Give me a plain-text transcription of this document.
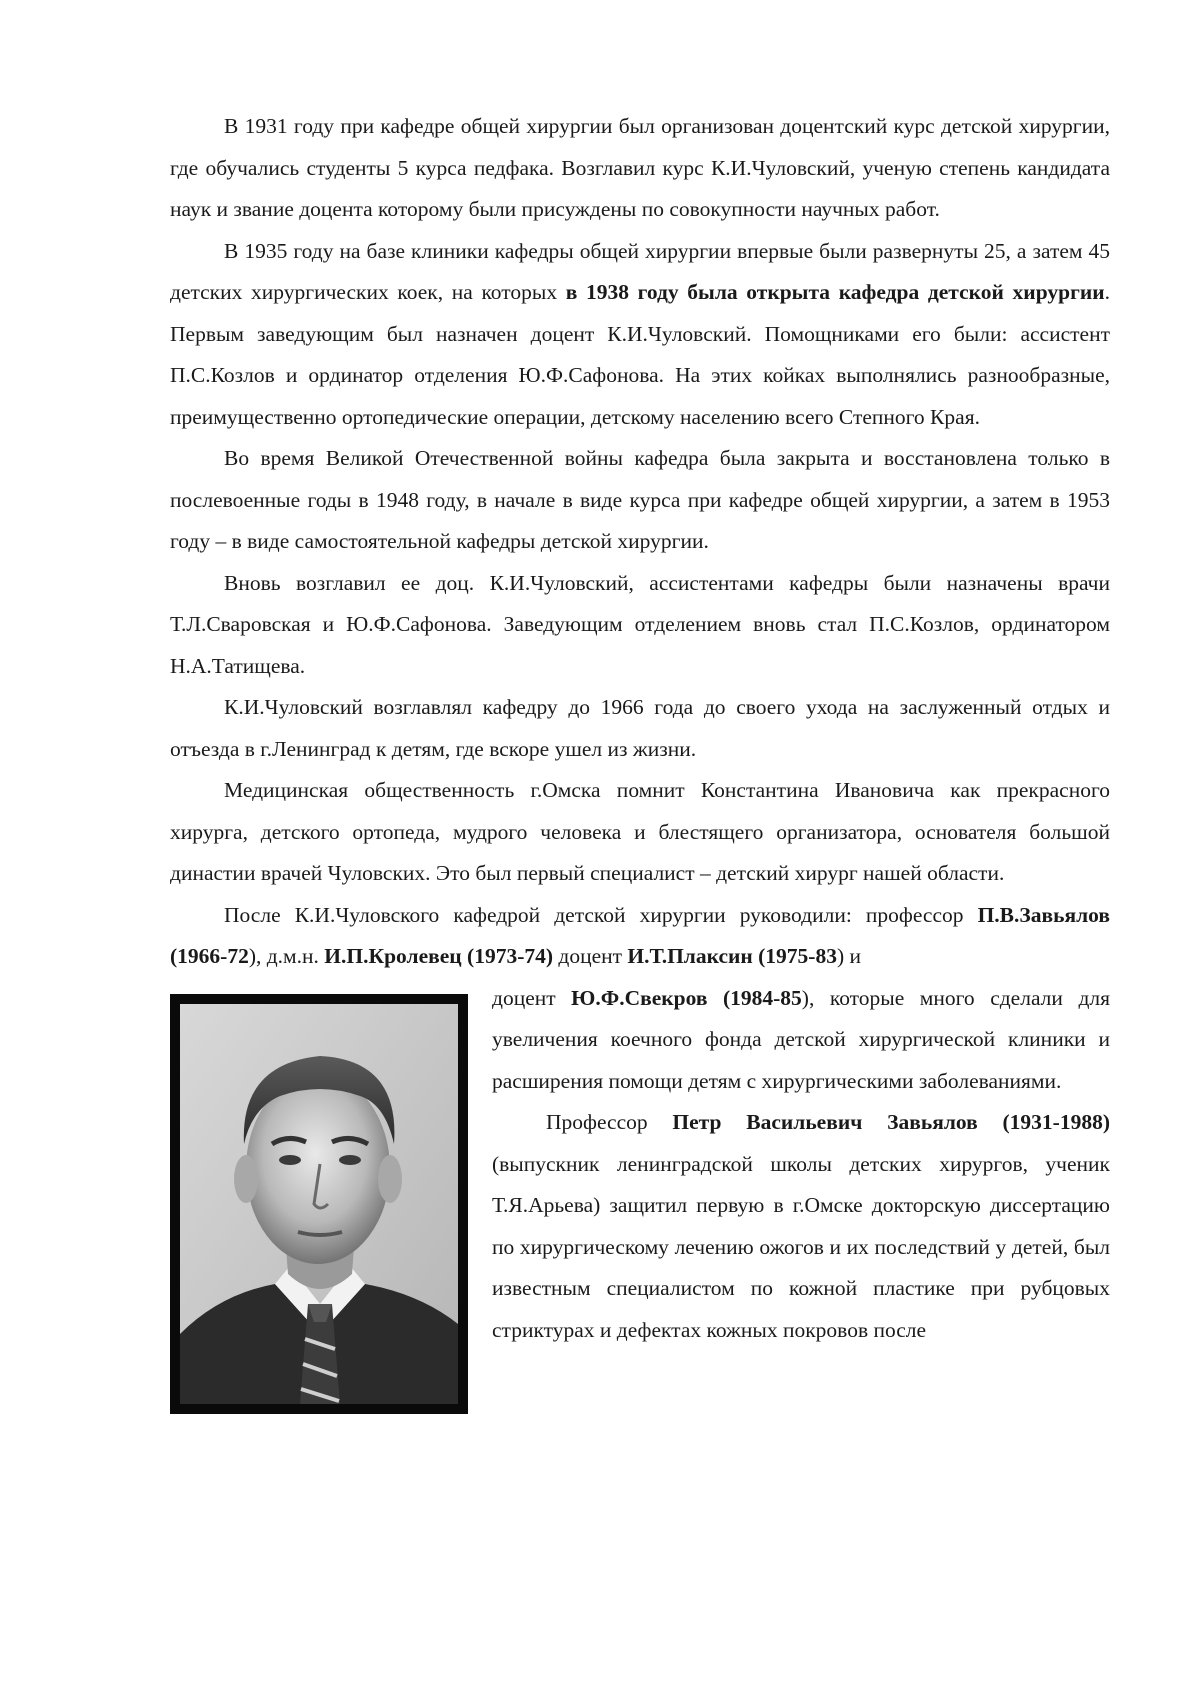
В 1931 году при кафедре общей хирургии был организован доцентский курс детской хирургии, где обучались студенты 5 курса педфака. Возглавил курс К.И.Чуловский, ученую степень кандидата наук и звание доцента которому были присуждены по совокупности научных работ.

В 1935 году на базе клиники кафедры общей хирургии впервые были развернуты 25, а затем 45 детских хирургических коек, на которых в 1938 году была открыта кафедра детской хирургии. Первым заведующим был назначен доцент К.И.Чуловский. Помощниками его были: ассистент П.С.Козлов и ординатор отделения Ю.Ф.Сафонова. На этих койках выполнялись разнообразные, преимущественно ортопедические операции, детскому населению всего Степного Края.

Во время Великой Отечественной войны кафедра была закрыта и восстановлена только в послевоенные годы в 1948 году, в начале в виде курса при кафедре общей хирургии, а затем в 1953 году – в виде самостоятельной кафедры детской хирургии.

Вновь возглавил ее доц. К.И.Чуловский, ассистентами кафедры были назначены врачи Т.Л.Сваровская и Ю.Ф.Сафонова. Заведующим отделением вновь стал П.С.Козлов, ординатором Н.А.Татищева.

К.И.Чуловский возглавлял кафедру до 1966 года до своего ухода на заслуженный отдых и отъезда в г.Ленинград к детям, где вскоре ушел из жизни.

Медицинская общественность г.Омска помнит Константина Ивановича как прекрасного хирурга, детского ортопеда, мудрого человека и блестящего организатора, основателя большой династии врачей Чуловских. Это был первый специалист – детский хирург нашей области.

После К.И.Чуловского кафедрой детской хирургии руководили: профессор П.В.Завьялов (1966-72), д.м.н. И.П.Кролевец (1973-74) доцент И.Т.Плаксин (1975-83) и

доцент Ю.Ф.Свекров (1984-85), которые много сделали для увеличения коечного фонда детской хирургической клиники и расширения помощи детям с хирургическими заболеваниями.

Профессор Петр Васильевич Завьялов (1931-1988) (выпускник ленинградской школы детских хирургов, ученик Т.Я.Арьева) защитил первую в г.Омске докторскую диссертацию по хирургическому лечению ожогов и их последствий у детей, был известным специалистом по кожной пластике при рубцовых стриктурах и дефектах кожных покровов после
